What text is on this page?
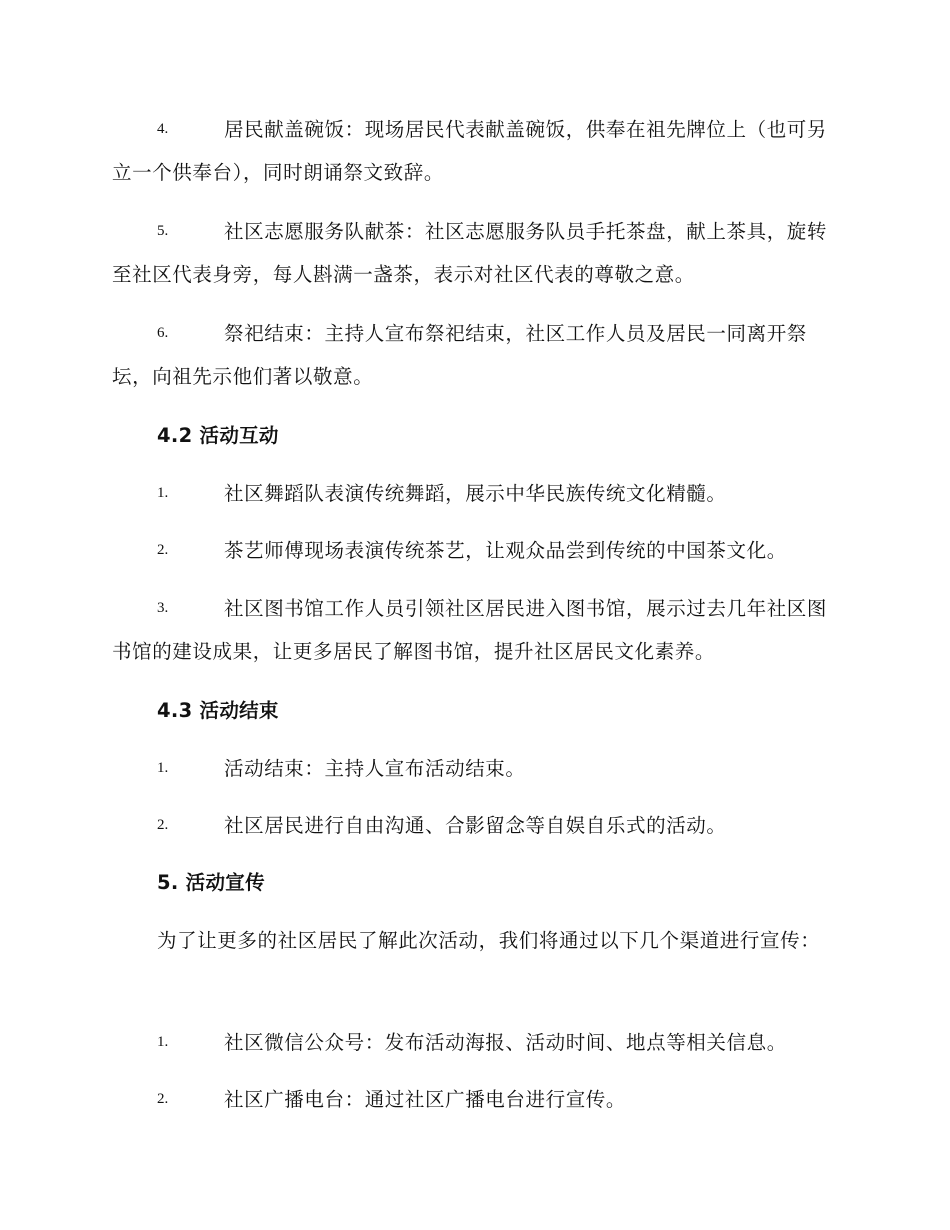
4.	居民献盖碗饭：现场居民代表献盖碗饭，供奉在祖先牌位上（也可另立一个供奉台），同时朗诵祭文致辞。
5.	社区志愿服务队献茶：社区志愿服务队员手托茶盘，献上茶具，旋转至社区代表身旁，每人斟满一盏茶，表示对社区代表的尊敬之意。
6.	祭祀结束：主持人宣布祭祀结束，社区工作人员及居民一同离开祭坛，向祖先示他们著以敬意。
4.2 活动互动
1.	社区舞蹈队表演传统舞蹈，展示中华民族传统文化精髓。
2.	茶艺师傅现场表演传统茶艺，让观众品尝到传统的中国茶文化。
3.	社区图书馆工作人员引领社区居民进入图书馆，展示过去几年社区图书馆的建设成果，让更多居民了解图书馆，提升社区居民文化素养。
4.3 活动结束
1.	活动结束：主持人宣布活动结束。
2.	社区居民进行自由沟通、合影留念等自娱自乐式的活动。
5. 活动宣传
为了让更多的社区居民了解此次活动，我们将通过以下几个渠道进行宣传：
1.	社区微信公众号：发布活动海报、活动时间、地点等相关信息。
2.	社区广播电台：通过社区广播电台进行宣传。
